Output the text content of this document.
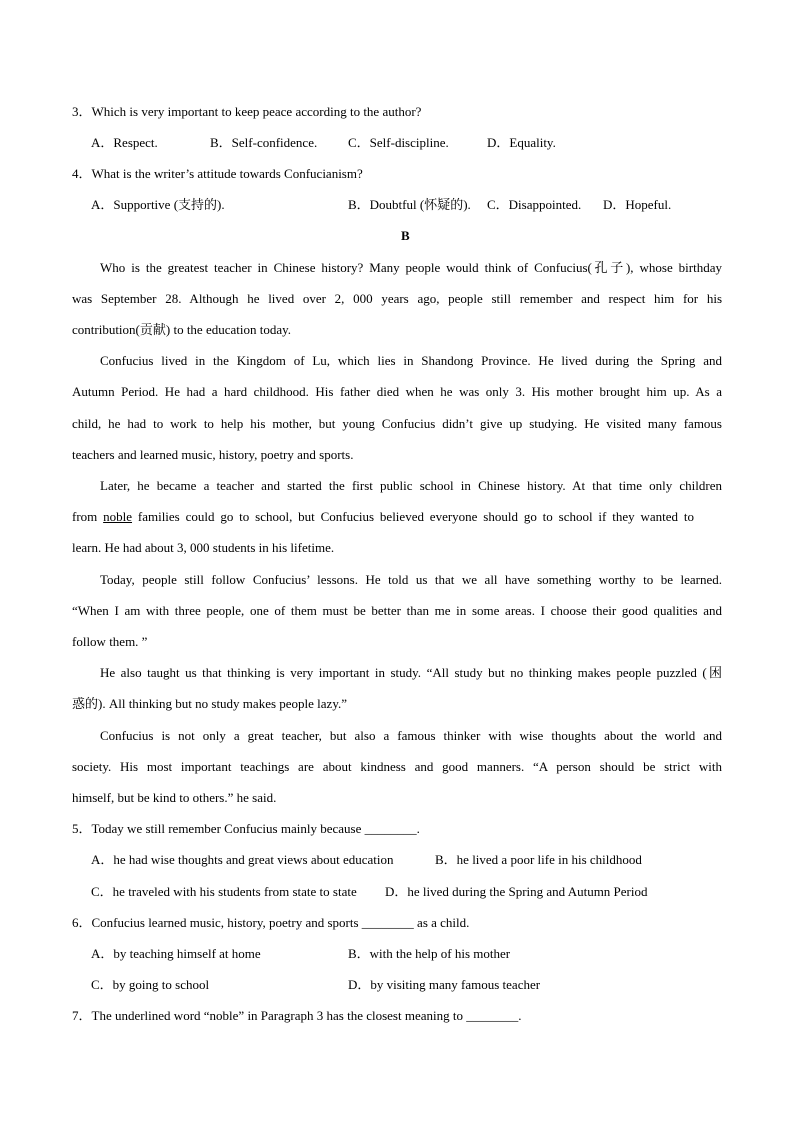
3．Which is very important to keep peace according to the author?
A．Respect.	B．Self-confidence. C．Self-discipline.	D．Equality.
4．What is the writer’s attitude towards Confucianism?
A．Supportive (支持的).	B．Doubtful (怀疑的). C．Disappointed. D．Hopeful.
B
Who is the greatest teacher in Chinese history? Many people would think of Confucius(孔子), whose birthday
was September 28. Although he lived over 2, 000 years ago, people still remember and respect him for his
contribution(贡献) to the education today.
Confucius lived in the Kingdom of Lu, which lies in Shandong Province. He lived during the Spring and
Autumn Period. He had a hard childhood. His father died when he was only 3. His mother brought him up. As a
child, he had to work to help his mother, but young Confucius didn’t give up studying. He visited many famous
teachers and learned music, history, poetry and sports.
Later, he became a teacher and started the first public school in Chinese history. At that time only children
from noble families could go to school, but Confucius believed everyone should go to school if they wanted to
learn. He had about 3, 000 students in his lifetime.
Today, people still follow Confucius’ lessons. He told us that we all have something worthy to be learned.
“When I am with three people, one of them must be better than me in some areas. I choose their good qualities and
follow them. ”
He also taught us that thinking is very important in study. “All study but no thinking makes people puzzled (困
惑的). All thinking but no study makes people lazy.”
Confucius is not only a great teacher, but also a famous thinker with wise thoughts about the world and
society. His most important teachings are about kindness and good manners. “A person should be strict with
himself, but be kind to others.” he said.
5．Today we still remember Confucius mainly because ________.
A．he had wise thoughts and great views about education	B．he lived a poor life in his childhood
C．he traveled with his students from state to state D．he lived during the Spring and Autumn Period
6．Confucius learned music, history, poetry and sports ________ as a child.
A．by teaching himself at home	B．with the help of his mother
C．by going to school	D．by visiting many famous teacher
7．The underlined word “noble” in Paragraph 3 has the closest meaning to ________.
